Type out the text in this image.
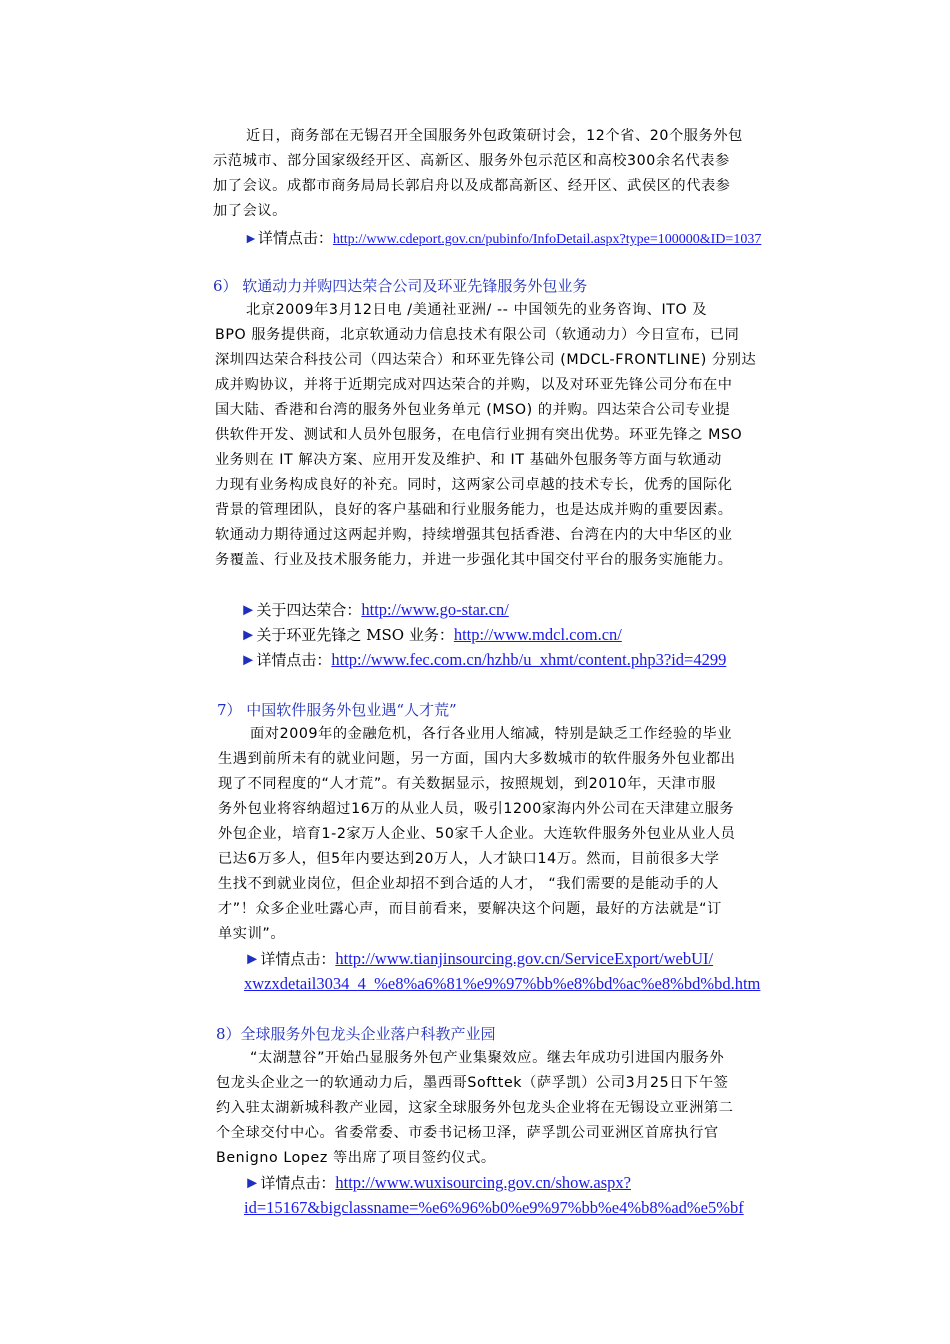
近日，商务部在无锡召开全国服务外包政策研讨会，12个省、20个服务外包
示范城市、部分国家级经开区、高新区、服务外包示范区和高校300余名代表参
加了会议。成都市商务局局长郭启舟以及成都高新区、经开区、武侯区的代表参
加了会议。
►详情点击：http://www.cdeport.gov.cn/pubinfo/InfoDetail.aspx?type=100000&ID=1037
6） 软通动力并购四达荣合公司及环亚先锋服务外包业务
北京2009年3月12日电 /美通社亚洲/ -- 中国领先的业务咨询、ITO 及
BPO 服务提供商，北京软通动力信息技术有限公司（软通动力）今日宣布，已同
深圳四达荣合科技公司（四达荣合）和环亚先锋公司 (MDCL-FRONTLINE) 分别达
成并购协议，并将于近期完成对四达荣合的并购，以及对环亚先锋公司分布在中
国大陆、香港和台湾的服务外包业务单元 (MSO) 的并购。四达荣合公司专业提
供软件开发、测试和人员外包服务，在电信行业拥有突出优势。环亚先锋之 MSO
业务则在 IT 解决方案、应用开发及维护、和 IT 基础外包服务等方面与软通动
力现有业务构成良好的补充。同时，这两家公司卓越的技术专长，优秀的国际化
背景的管理团队，良好的客户基础和行业服务能力，也是达成并购的重要因素。
软通动力期待通过这两起并购，持续增强其包括香港、台湾在内的大中华区的业
务覆盖、行业及技术服务能力，并进一步强化其中国交付平台的服务实施能力。
►关于四达荣合：http://www.go-star.cn/
►关于环亚先锋之 MSO 业务：http://www.mdcl.com.cn/
►详情点击：http://www.fec.com.cn/hzhb/u_xhmt/content.php3?id=4299
7） 中国软件服务外包业遇“人才荒”
面对2009年的金融危机，各行各业用人缩减，特别是缺乏工作经验的毕业
生遇到前所未有的就业问题，另一方面，国内大多数城市的软件服务外包业都出
现了不同程度的“人才荒”。有关数据显示，按照规划，到2010年，天津市服
务外包业将容纳超过16万的从业人员，吸引1200家海内外公司在天津建立服务
外包企业，培育1-2家万人企业、50家千人企业。大连软件服务外包业从业人员
已达6万多人，但5年内要达到20万人，人才缺口14万。然而，目前很多大学
生找不到就业岗位，但企业却招不到合适的人才， “我们需要的是能动手的人
才”！众多企业吐露心声，而目前看来，要解决这个问题，最好的方法就是“订
单实训”。
►详情点击：http://www.tianjinsourcing.gov.cn/ServiceExport/webUI/
xwzxdetail3034_4_%e8%a6%81%e9%97%bb%e8%bd%ac%e8%bd%bd.htm
8）全球服务外包龙头企业落户科教产业园
“太湖慧谷”开始凸显服务外包产业集聚效应。继去年成功引进国内服务外
包龙头企业之一的软通动力后，墨西哥Softtek（萨孚凯）公司3月25日下午签
约入驻太湖新城科教产业园，这家全球服务外包龙头企业将在无锡设立亚洲第二
个全球交付中心。省委常委、市委书记杨卫泽，萨孚凯公司亚洲区首席执行官
Benigno Lopez 等出席了项目签约仪式。
►详情点击：http://www.wuxisourcing.gov.cn/show.aspx?
id=15167&bigclassname=%e6%96%b0%e9%97%bb%e4%b8%ad%e5%bf
